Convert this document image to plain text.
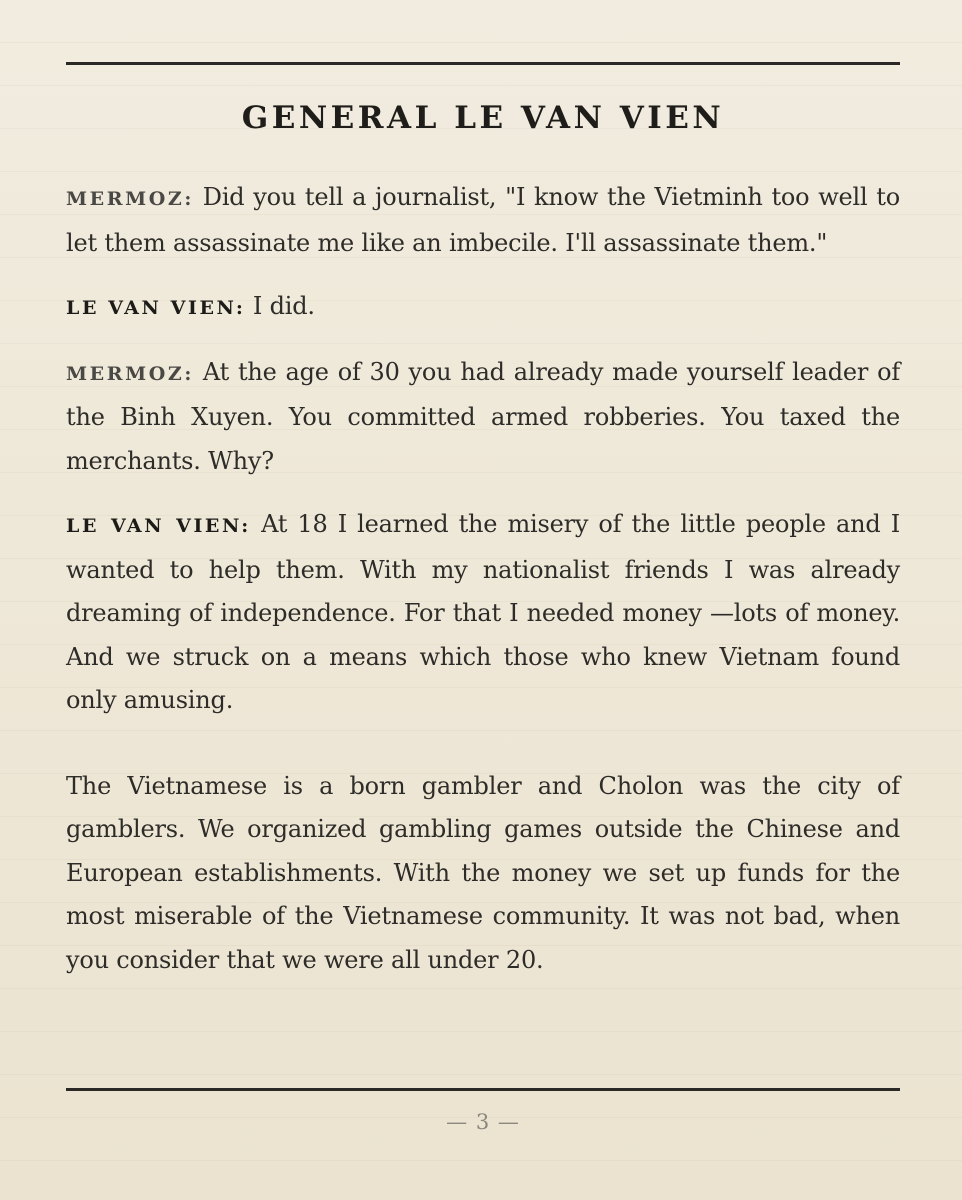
GENERAL LE VAN VIEN

MERMOZ: Did you tell a journalist, "I know the Vietminh too well to let them assassinate me like an imbecile. I'll assassinate them."

LE VAN VIEN: I did.

MERMOZ: At the age of 30 you had already made yourself leader of the Binh Xuyen. You committed armed robberies. You taxed the merchants. Why?

LE VAN VIEN: At 18 I learned the misery of the little people and I wanted to help them. With my nationalist friends I was already dreaming of independence. For that I needed money —lots of money. And we struck on a means which those who knew Vietnam found only amusing.

The Vietnamese is a born gambler and Cholon was the city of gamblers. We organized gambling games outside the Chinese and European establishments. With the money we set up funds for the most miserable of the Vietnamese community. It was not bad, when you consider that we were all under 20.

— 3 —
